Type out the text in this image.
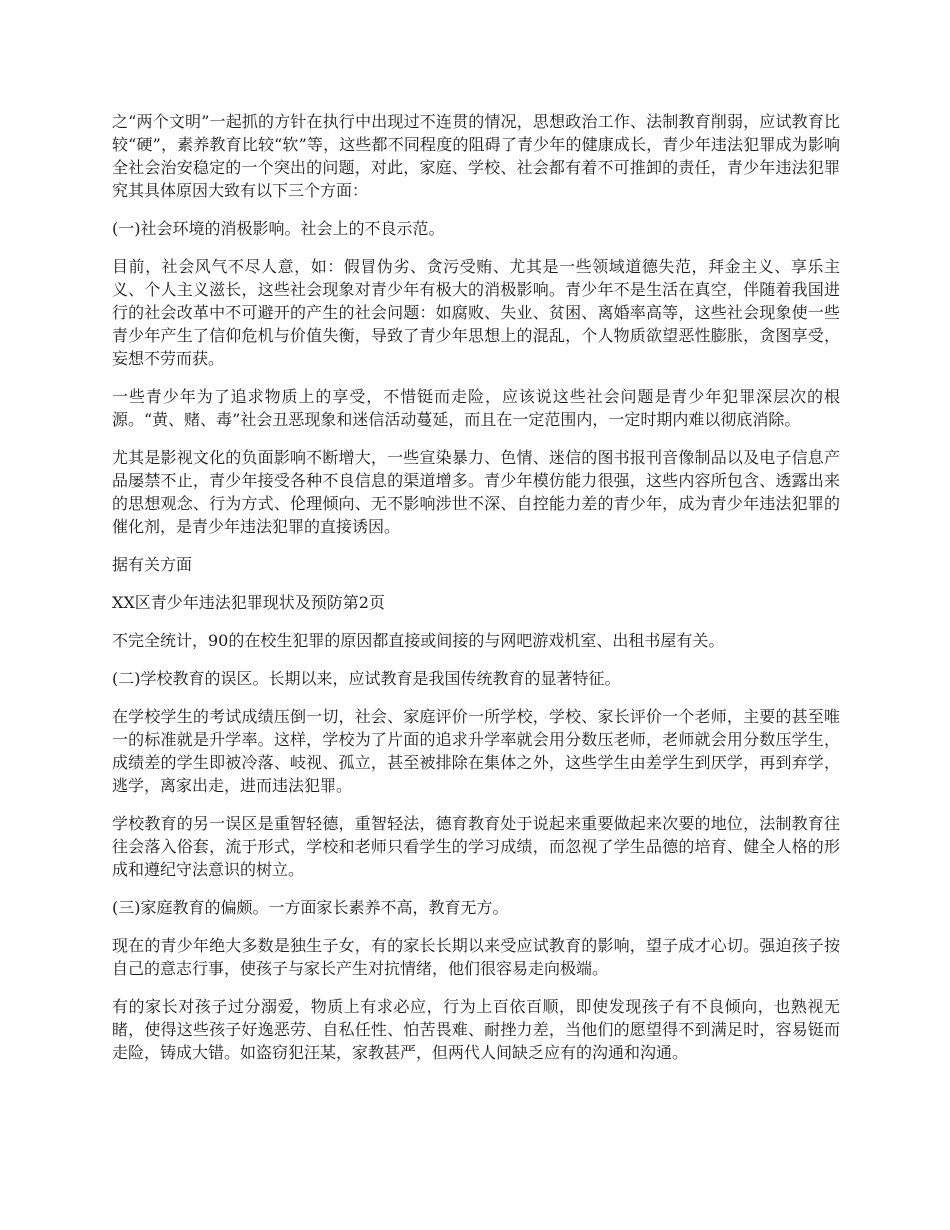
之“两个文明”一起抓的方针在执行中出现过不连贯的情况，思想政治工作、法制教育削弱，应试教育比较“硬”，素养教育比较“软”等，这些都不同程度的阻碍了青少年的健康成长，青少年违法犯罪成为影响全社会治安稳定的一个突出的问题，对此，家庭、学校、社会都有着不可推卸的责任，青少年违法犯罪究其具体原因大致有以下三个方面：

(一)社会环境的消极影响。社会上的不良示范。

目前，社会风气不尽人意，如：假冒伪劣、贪污受贿、尤其是一些领域道德失范，拜金主义、享乐主义、个人主义滋长，这些社会现象对青少年有极大的消极影响。青少年不是生活在真空，伴随着我国进行的社会改革中不可避开的产生的社会问题：如腐败、失业、贫困、离婚率高等，这些社会现象使一些青少年产生了信仰危机与价值失衡，导致了青少年思想上的混乱，个人物质欲望恶性膨胀，贪图享受，妄想不劳而获。

一些青少年为了追求物质上的享受，不惜铤而走险，应该说这些社会问题是青少年犯罪深层次的根源。“黄、赌、毒”社会丑恶现象和迷信活动蔓延，而且在一定范围内，一定时期内难以彻底消除。

尤其是影视文化的负面影响不断增大，一些宣染暴力、色情、迷信的图书报刊音像制品以及电子信息产品屡禁不止，青少年接受各种不良信息的渠道增多。青少年模仿能力很强，这些内容所包含、透露出来的思想观念、行为方式、伦理倾向、无不影响涉世不深、自控能力差的青少年，成为青少年违法犯罪的催化剂，是青少年违法犯罪的直接诱因。

据有关方面

XX区青少年违法犯罪现状及预防第2页

不完全统计，90的在校生犯罪的原因都直接或间接的与网吧游戏机室、出租书屋有关。

(二)学校教育的误区。长期以来，应试教育是我国传统教育的显著特征。

在学校学生的考试成绩压倒一切，社会、家庭评价一所学校，学校、家长评价一个老师，主要的甚至唯一的标准就是升学率。这样，学校为了片面的追求升学率就会用分数压老师，老师就会用分数压学生，成绩差的学生即被冷落、岐视、孤立，甚至被排除在集体之外，这些学生由差学生到厌学，再到弃学，逃学，离家出走，进而违法犯罪。

学校教育的另一误区是重智轻德，重智轻法，德育教育处于说起来重要做起来次要的地位，法制教育往往会落入俗套，流于形式，学校和老师只看学生的学习成绩，而忽视了学生品德的培育、健全人格的形成和遵纪守法意识的树立。

(三)家庭教育的偏颇。一方面家长素养不高，教育无方。

现在的青少年绝大多数是独生子女，有的家长长期以来受应试教育的影响，望子成才心切。强迫孩子按自己的意志行事，使孩子与家长产生对抗情绪，他们很容易走向极端。

有的家长对孩子过分溺爱，物质上有求必应，行为上百依百顺，即使发现孩子有不良倾向，也熟视无睹，使得这些孩子好逸恶劳、自私任性、怕苦畏难、耐挫力差，当他们的愿望得不到满足时，容易铤而走险，铸成大错。如盗窃犯汪某，家教甚严，但两代人间缺乏应有的沟通和沟通。
